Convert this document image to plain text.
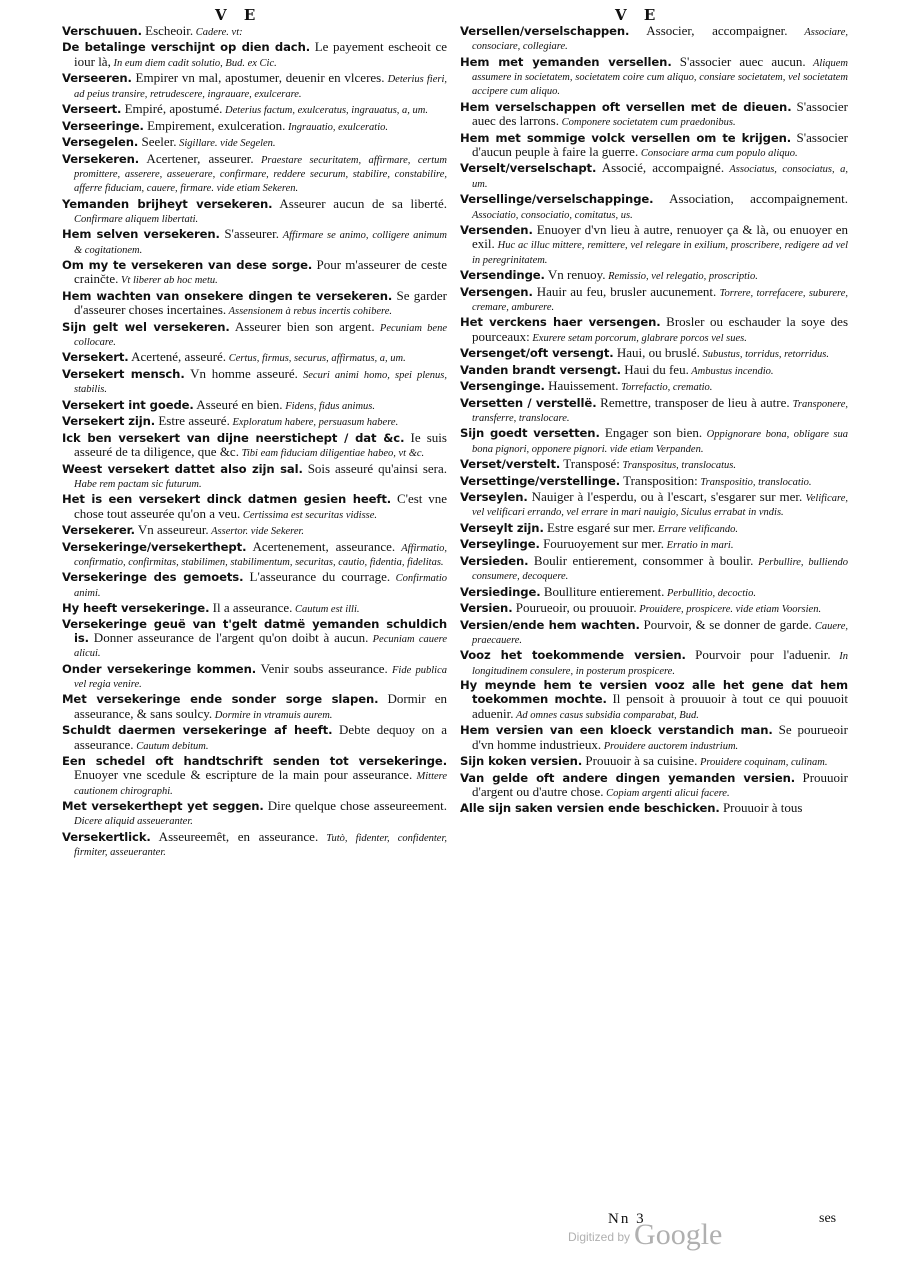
V E	V E

Verschuuen. Escheoir. Cadere. vt:

De betalinge verschijnt op dien dach. Le payement escheoit ce iour là, In eum diem cadit solutio, Bud. ex Cic.

Verseeren. Empirer vn mal, apostumer, deuenir en vlceres. Deterius fieri, ad peius transire, retrudescere, ingrauare, exulcerare.

Verseert. Empiré, apostumé. Deterius factum, exulceratus, ingrauatus, a, um.

Verseeringe. Empirement, exulceration. Ingrauatio, exulceratio.

Versegelen. Seeler. Sigillare. vide Segelen.

Versekeren. Acertener, asseurer. Praestare securitatem, affirmare, certum promittere, asserere, asseuerare, confirmare, reddere securum, stabilire, constabilire, afferre fiduciam, cauere, firmare. vide etiam Sekeren.

Yemanden brijheyt versekeren. Asseurer aucun de sa liberté. Confirmare aliquem libertati.

Hem selven versekeren. S'asseurer. Affirmare se animo, colligere animum & cogitationem.

Om my te versekeren van dese sorge. Pour m'asseurer de ceste crainčte. Vt liberer ab hoc metu.

Hem wachten van onsekere dingen te versekeren. Se garder d'asseurer choses incertaines. Assensionem à rebus incertis cohibere.

Sijn gelt wel versekeren. Asseurer bien son argent. Pecuniam bene collocare.

Versekert. Acertené, asseuré. Certus, firmus, securus, affirmatus, a, um.

Versekert mensch. Vn homme asseuré. Securi animi homo, spei plenus, stabilis.

Versekert int goede. Asseuré en bien. Fidens, fidus animus.

Versekert zijn. Estre asseuré. Exploratum habere, persuasum habere.

Ick ben versekert van dijne neerstichept / dat &c. Ie suis asseuré de ta diligence, que &c. Tibi eam fiduciam diligentiae habeo, vt &c.

Weest versekert dattet also zijn sal. Sois asseuré qu'ainsi sera. Habe rem pactam sic futurum.

Het is een versekert dinck datmen gesien heeft. C'est vne chose tout asseurée qu'on a veu. Certissima est securitas vidisse.

Versekerer. Vn asseureur. Assertor. vide Sekerer.

Versekeringe/versekerthept. Acertenement, asseurance. Affirmatio, confirmatio, confirmitas, stabilimen, stabilimentum, securitas, cautio, fidentia, fidelitas.

Versekeringe des gemoets. L'asseurance du courrage. Confirmatio animi.

Hy heeft versekeringe. Il a asseurance. Cautum est illi.

Versekeringe geuë van t'gelt datmë yemanden schuldich is. Donner asseurance de l'argent qu'on doibt à aucun. Pecuniam cauere alicui.

Onder versekeringe kommen. Venir soubs asseurance. Fide publica vel regia venire.

Met versekeringe ende sonder sorge slapen. Dormir en asseurance, & sans soulcy. Dormire in vtramuis aurem.

Schuldt daermen versekeringe af heeft. Debte dequoy on a asseurance. Cautum debitum.

Een schedel oft handtschrift senden tot versekeringe. Enuoyer vne scedule & escripture de la main pour asseurance. Mittere cautionem chirographi.

Met versekerthept yet seggen. Dire quelque chose asseureement. Dicere aliquid asseueranter.

Versekertlick. Asseureemêt, en asseurance. Tutò, fidenter, confidenter, firmiter, asseueranter.

Versellen/verselschappen. Associer, accompaigner. Associare, consociare, collegiare.

Hem met yemanden versellen. S'associer auec aucun. Aliquem assumere in societatem, societatem coire cum aliquo, consiare societatem, vel societatem accipere cum aliquo.

Hem verselschappen oft versellen met de dieuen. S'associer auec des larrons. Componere societatem cum praedonibus.

Hem met sommige volck versellen om te krijgen. S'associer d'aucun peuple à faire la guerre. Consociare arma cum populo aliquo.

Verselt/verselschapt. Associé, accompaigné. Associatus, consociatus, a, um.

Versellinge/verselschappinge. Association, accompaignement. Associatio, consociatio, comitatus, us.

Versenden. Enuoyer d'vn lieu à autre, renuoyer ça & là, ou enuoyer en exil. Huc ac illuc mittere, remittere, vel relegare in exilium, proscribere, redigere ad vel in peregrinitatem.

Versendinge. Vn renuoy. Remissio, vel relegatio, proscriptio.

Versengen. Hauir au feu, brusler aucunement. Torrere, torrefacere, suburere, cremare, amburere.

Het verckens haer versengen. Brosler ou eschauder la soye des pourceaux: Exurere setam porcorum, glabrare porcos vel sues.

Versenget/oft versengt. Haui, ou bruslé. Subustus, torridus, retorridus.

Vanden brandt versengt. Haui du feu. Ambustus incendio.

Versenginge. Hauissement. Torrefactio, crematio.

Versetten / verstellë. Remettre, transposer de lieu à autre. Transponere, transferre, translocare.

Sijn goedt versetten. Engager son bien. Oppignorare bona, obligare sua bona pignori, opponere pignori. vide etiam Verpanden.

Verset/verstelt. Transposé: Transpositus, translocatus.

Versettinge/verstellinge. Transposition: Transpositio, translocatio.

Verseylen. Nauiger à l'esperdu, ou à l'escart, s'esgarer sur mer. Velificare, vel velificari errando, vel errare in mari nauigio, Siculus errabat in vndis.

Verseylt zijn. Estre esgaré sur mer. Errare velificando.

Verseylinge. Fouruoyement sur mer. Erratio in mari.

Versieden. Boulir entierement, consommer à boulir. Perbullire, bulliendo consumere, decoquere.

Versiedinge. Boulliture entierement. Perbullitio, decoctio.

Versien. Pourueoir, ou prouuoir. Prouidere, prospicere. vide etiam Voorsien.

Versien/ende hem wachten. Pourvoir, & se donner de garde. Cauere, praecauere.

Vooz het toekommende versien. Pourvoir pour l'aduenir. In longitudinem consulere, in posterum prospicere.

Hy meynde hem te versien vooz alle het gene dat hem toekommen mochte. Il pensoit à prouuoir à tout ce qui pouuoit aduenir. Ad omnes casus subsidia comparabat, Bud.

Hem versien van een kloeck verstandich man. Se pourueoir d'vn homme industrieux. Prouidere auctorem industrium.

Sijn koken versien. Prouuoir à sa cuisine. Prouidere coquinam, culinam.

Van gelde oft andere dingen yemanden versien. Prouuoir d'argent ou d'autre chose. Copiam argenti alicui facere.

Alle sijn saken versien ende beschicken. Prouuoir à tous

Nn 3	ses
Digitized by Google
